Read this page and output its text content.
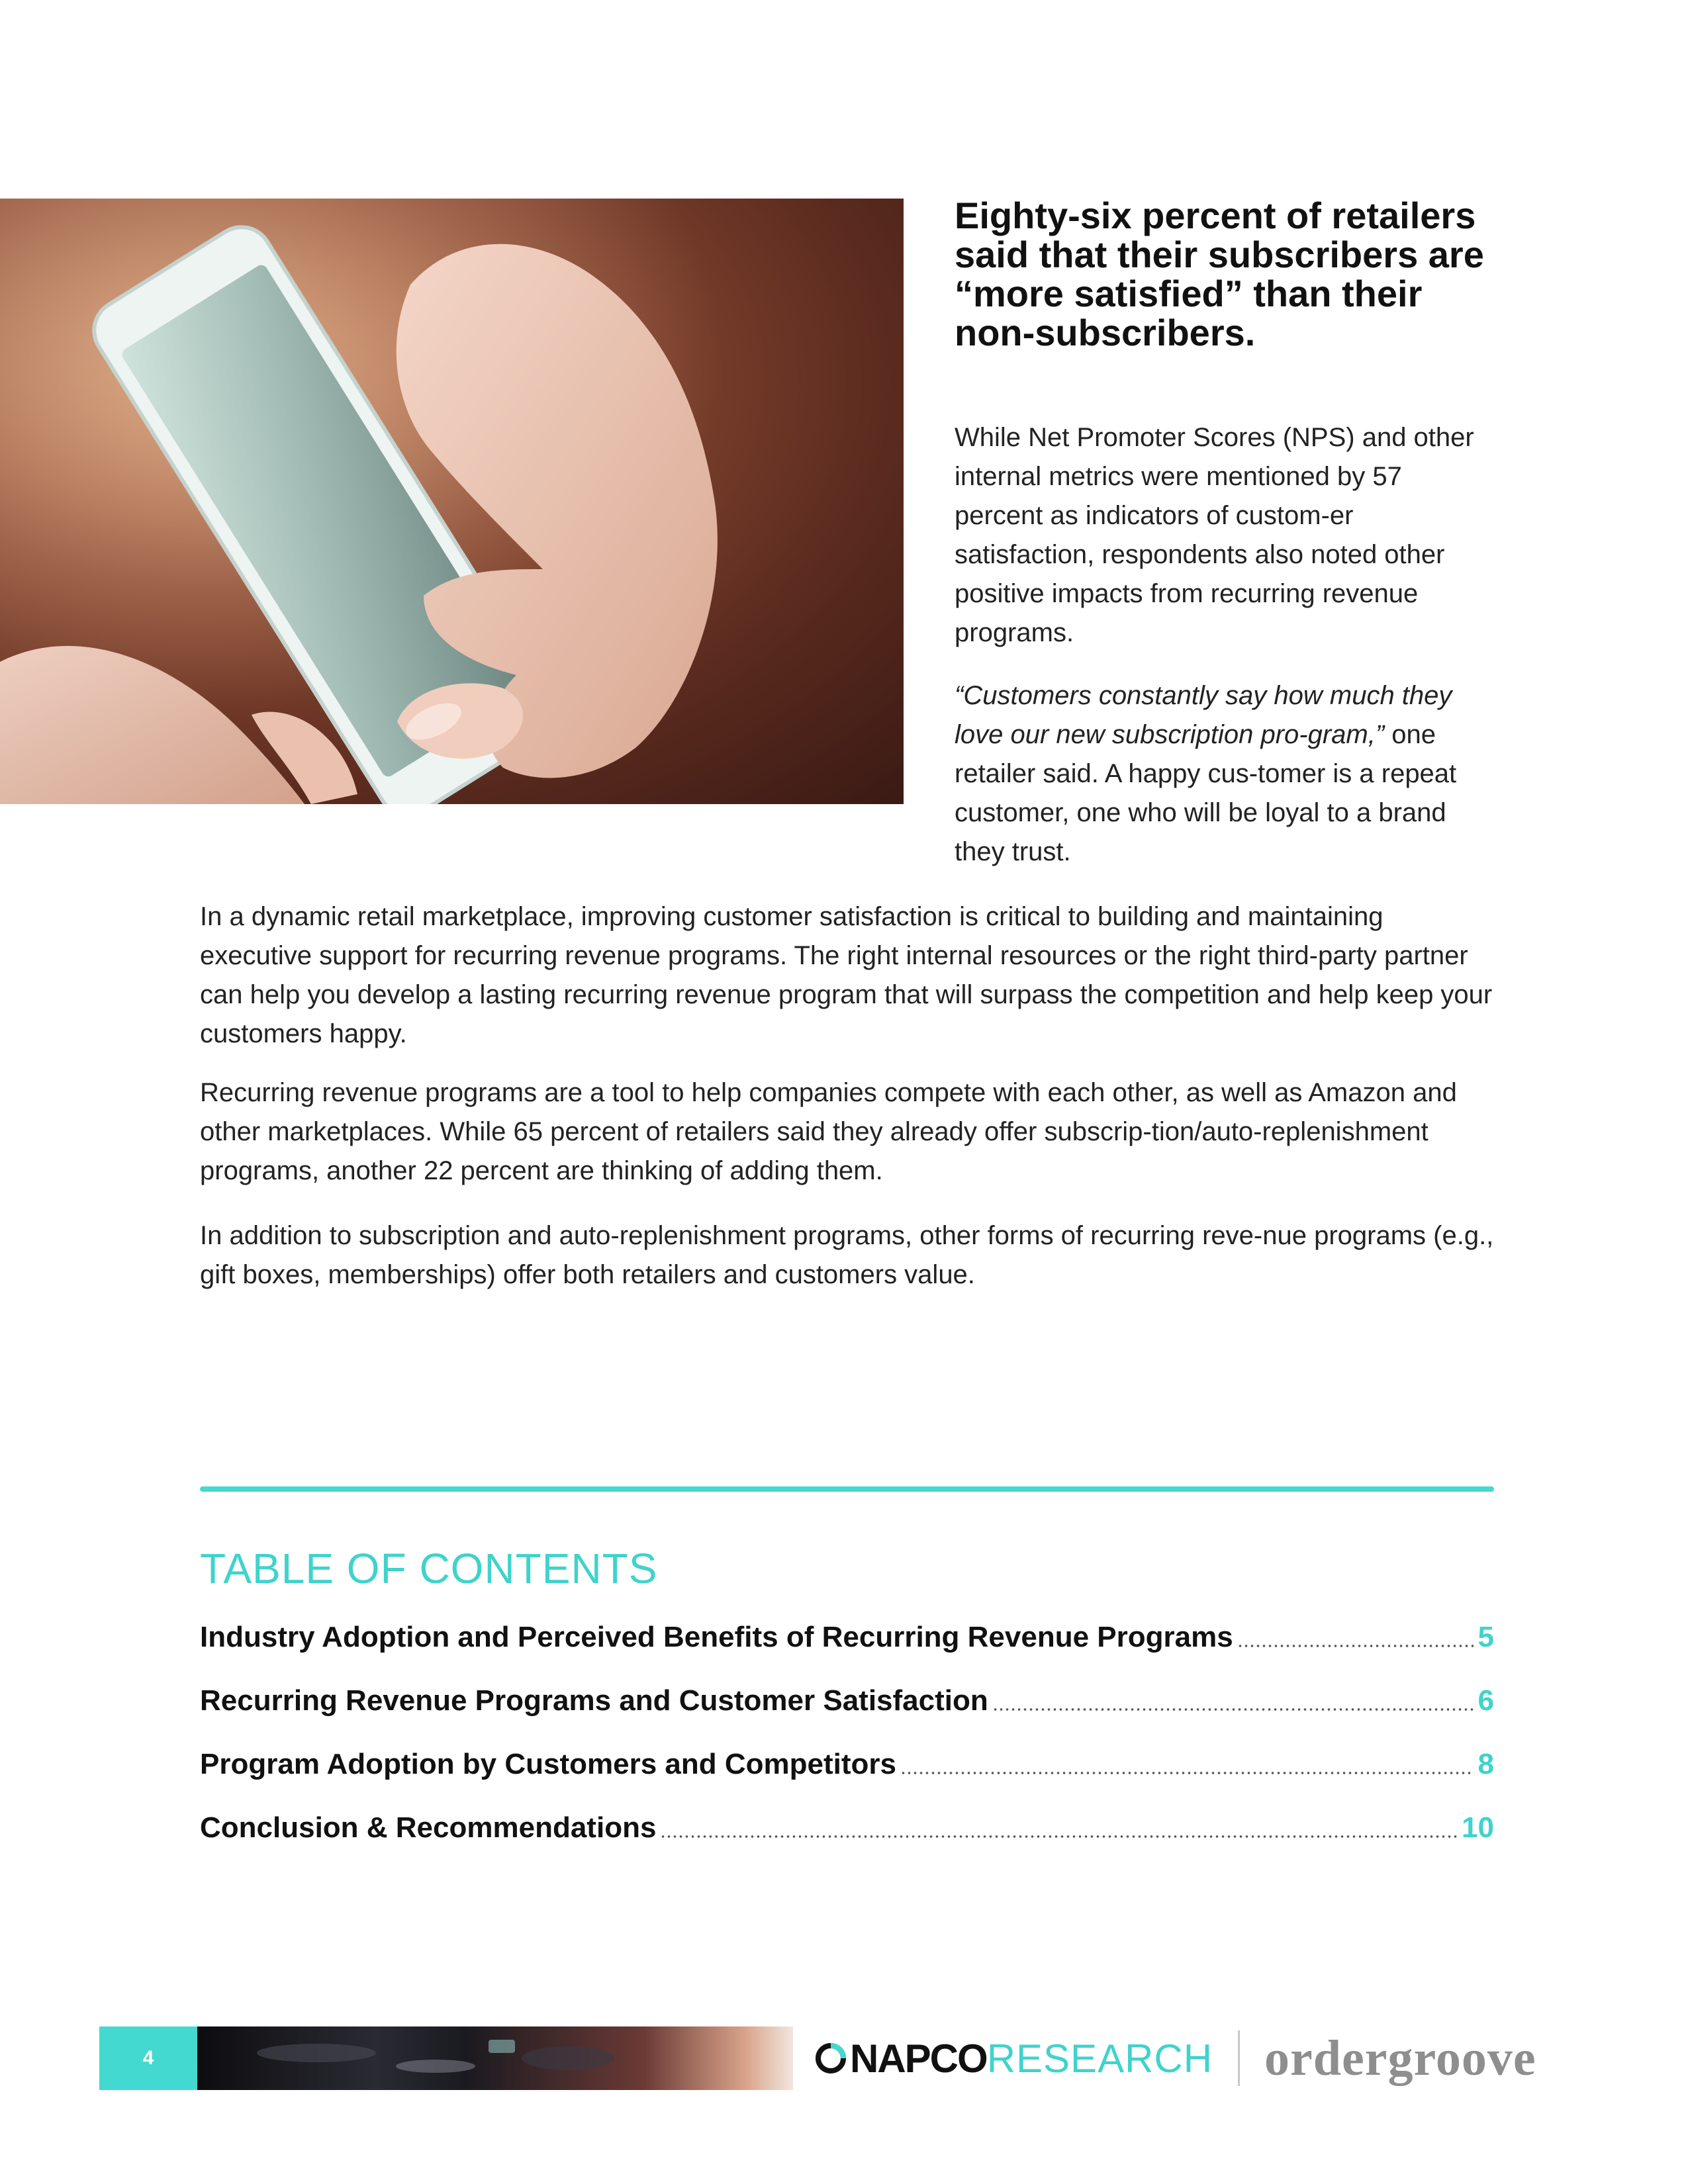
Eighty-six percent of retailers said that their subscribers are “more satisfied” than their non-subscribers.

While Net Promoter Scores (NPS) and other internal metrics were mentioned by 57 percent as indicators of custom-er satisfaction, respondents also noted other positive impacts from recurring revenue programs.

“Customers constantly say how much they love our new subscription pro-gram,” one retailer said. A happy cus-tomer is a repeat customer, one who will be loyal to a brand they trust.

In a dynamic retail marketplace, improving customer satisfaction is critical to building and maintaining executive support for recurring revenue programs. The right internal resources or the right third-party partner can help you develop a lasting recurring revenue program that will surpass the competition and help keep your customers happy.

Recurring revenue programs are a tool to help companies compete with each other, as well as Amazon and other marketplaces. While 65 percent of retailers said they already offer subscrip-tion/auto-replenishment programs, another 22 percent are thinking of adding them.

In addition to subscription and auto-replenishment programs, other forms of recurring reve-nue programs (e.g., gift boxes, memberships) offer both retailers and customers value.

TABLE OF CONTENTS
Industry Adoption and Perceived Benefits of Recurring Revenue Programs	5
Recurring Revenue Programs and Customer Satisfaction	6
Program Adoption by Customers and Competitors	8
Conclusion & Recommendations	10
4	NAPCO RESEARCH ordergroove
